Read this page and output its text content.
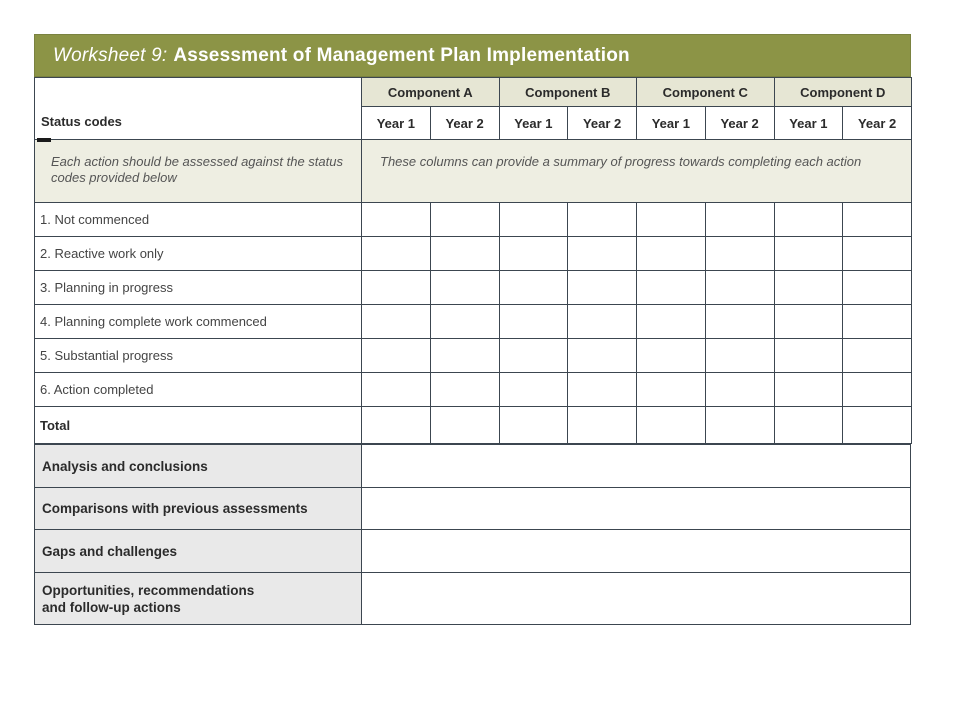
Worksheet 9: Assessment of Management Plan Implementation
Status codes	Component A		Component B		Component C		Component D	
	Year 1	Year 2	Year 1	Year 2	Year 1	Year 2	Year 1	Year 2
Each action should be assessed against the status codes provided below	These columns can provide a summary of progress towards completing each action							
1. Not commenced								
2. Reactive work only								
3. Planning in progress								
4. Planning complete work commenced								
5. Substantial progress								
6. Action completed								
Total								
Analysis and conclusions	
Comparisons with previous assessments	
Gaps and challenges	
Opportunities, recommendations and follow-up actions	
